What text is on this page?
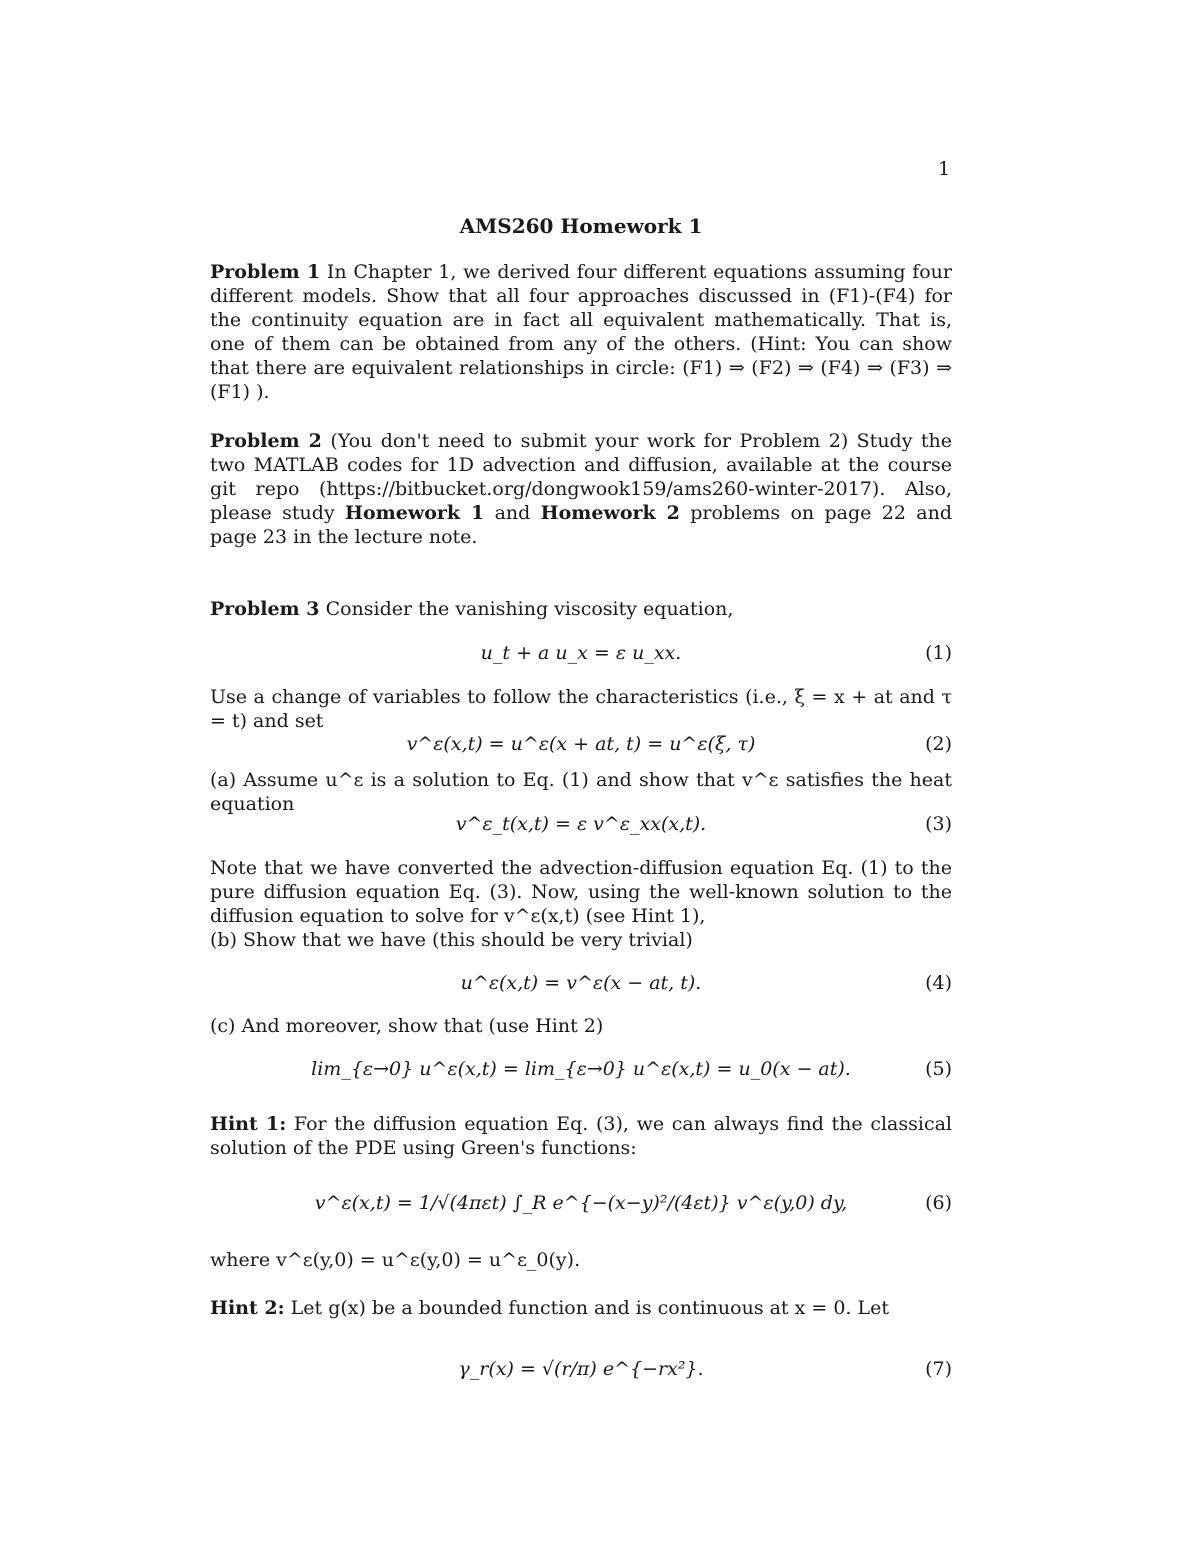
1
AMS260 Homework 1
Problem 1 In Chapter 1, we derived four different equations assuming four different models. Show that all four approaches discussed in (F1)-(F4) for the continuity equation are in fact all equivalent mathematically. That is, one of them can be obtained from any of the others. (Hint: You can show that there are equivalent relationships in circle: (F1) ⇒ (F2) ⇒ (F4) ⇒ (F3) ⇒ (F1) ).
Problem 2 (You don't need to submit your work for Problem 2) Study the two MATLAB codes for 1D advection and diffusion, available at the course git repo (https://bitbucket.org/dongwook159/ams260-winter-2017). Also, please study Homework 1 and Homework 2 problems on page 22 and page 23 in the lecture note.
Problem 3 Consider the vanishing viscosity equation,
u_t + a u_x = ε u_xx.	(1)
Use a change of variables to follow the characteristics (i.e., ξ = x + at and τ = t) and set
v^ε(x,t) = u^ε(x + at, t) = u^ε(ξ, τ)	(2)
(a) Assume u^ε is a solution to Eq. (1) and show that v^ε satisfies the heat equation
v^ε_t(x,t) = ε v^ε_xx(x,t).	(3)
Note that we have converted the advection-diffusion equation Eq. (1) to the pure diffusion equation Eq. (3). Now, using the well-known solution to the diffusion equation to solve for v^ε(x,t) (see Hint 1),
(b) Show that we have (this should be very trivial)
u^ε(x,t) = v^ε(x − at, t).	(4)
(c) And moreover, show that (use Hint 2)
lim_{ε→0} u^ε(x,t) = lim_{ε→0} u^ε(x,t) = u_0(x − at).	(5)
Hint 1: For the diffusion equation Eq. (3), we can always find the classical solution of the PDE using Green's functions:
v^ε(x,t) = 1/√(4πεt) ∫_R e^{−(x−y)²/(4εt)} v^ε(y,0) dy,	(6)
where v^ε(y,0) = u^ε(y,0) = u^ε_0(y).
Hint 2: Let g(x) be a bounded function and is continuous at x = 0. Let
γ_r(x) = √(r/π) e^{−rx²}.	(7)
